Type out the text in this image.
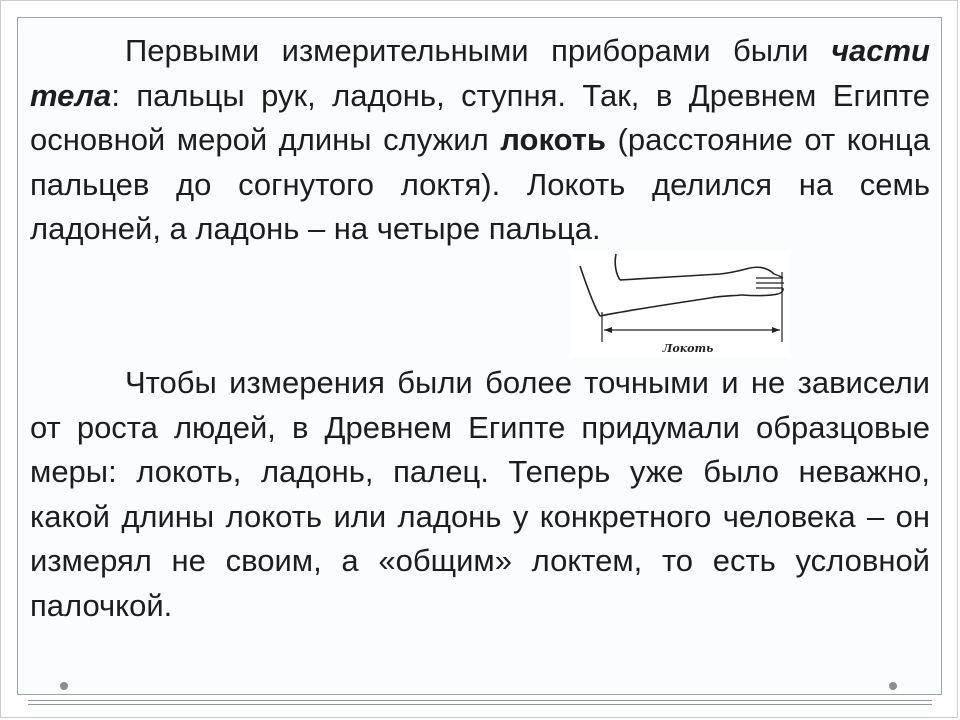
Первыми измерительными приборами были части тела: пальцы рук, ладонь, ступня. Так, в Древнем Египте основной мерой длины служил локоть (расстояние от конца пальцев до согнутого локтя). Локоть делился на семь ладоней, а ладонь – на четыре пальца.

Локоть

Чтобы измерения были более точными и не зависели от роста людей, в Древнем Египте придумали образцовые меры: локоть, ладонь, палец. Теперь уже было неважно, какой длины локоть или ладонь у конкретного человека – он измерял не своим, а «общим» локтем, то есть условной палочкой.
